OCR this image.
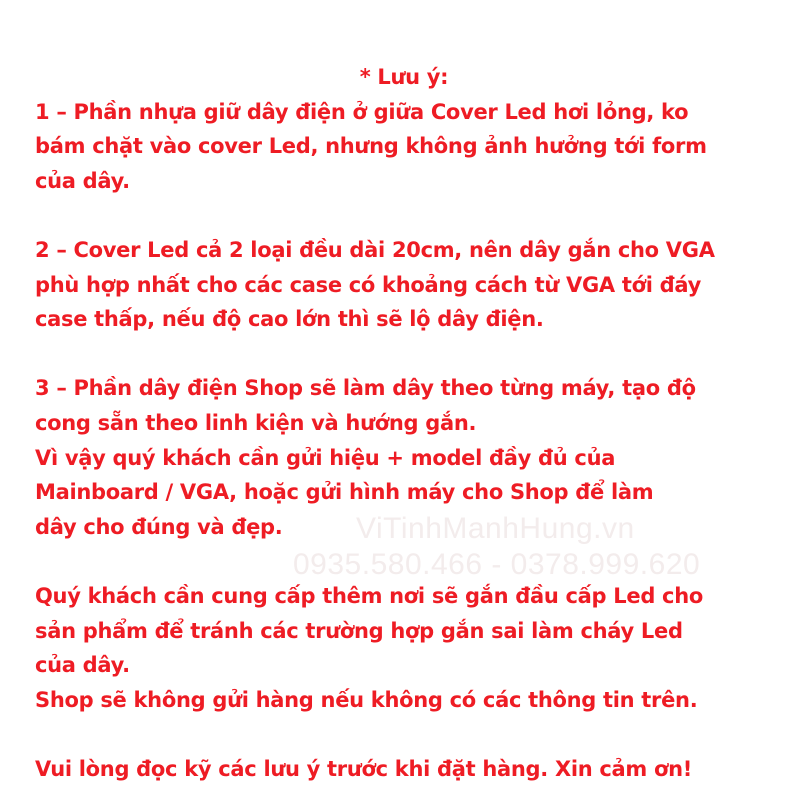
ViTinhManhHung.vn
0935.580.466 - 0378.999.620
* Lưu ý:
1 – Phần nhựa giữ dây điện ở giữa Cover Led hơi lỏng, ko
bám chặt vào cover Led, nhưng không ảnh hưởng tới form
của dây.
2 – Cover Led cả 2 loại đều dài 20cm, nên dây gắn cho VGA
phù hợp nhất cho các case có khoảng cách từ VGA tới đáy
case thấp, nếu độ cao lớn thì sẽ lộ dây điện.
3 – Phần dây điện Shop sẽ làm dây theo từng máy, tạo độ
cong sẵn theo linh kiện và hướng gắn.
Vì vậy quý khách cần gửi hiệu + model đầy đủ của
Mainboard / VGA, hoặc gửi hình máy cho Shop để làm
dây cho đúng và đẹp.
Quý khách cần cung cấp thêm nơi sẽ gắn đầu cấp Led cho
sản phẩm để tránh các trường hợp gắn sai làm cháy Led
của dây.
Shop sẽ không gửi hàng nếu không có các thông tin trên.
Vui lòng đọc kỹ các lưu ý trước khi đặt hàng. Xin cảm ơn!
